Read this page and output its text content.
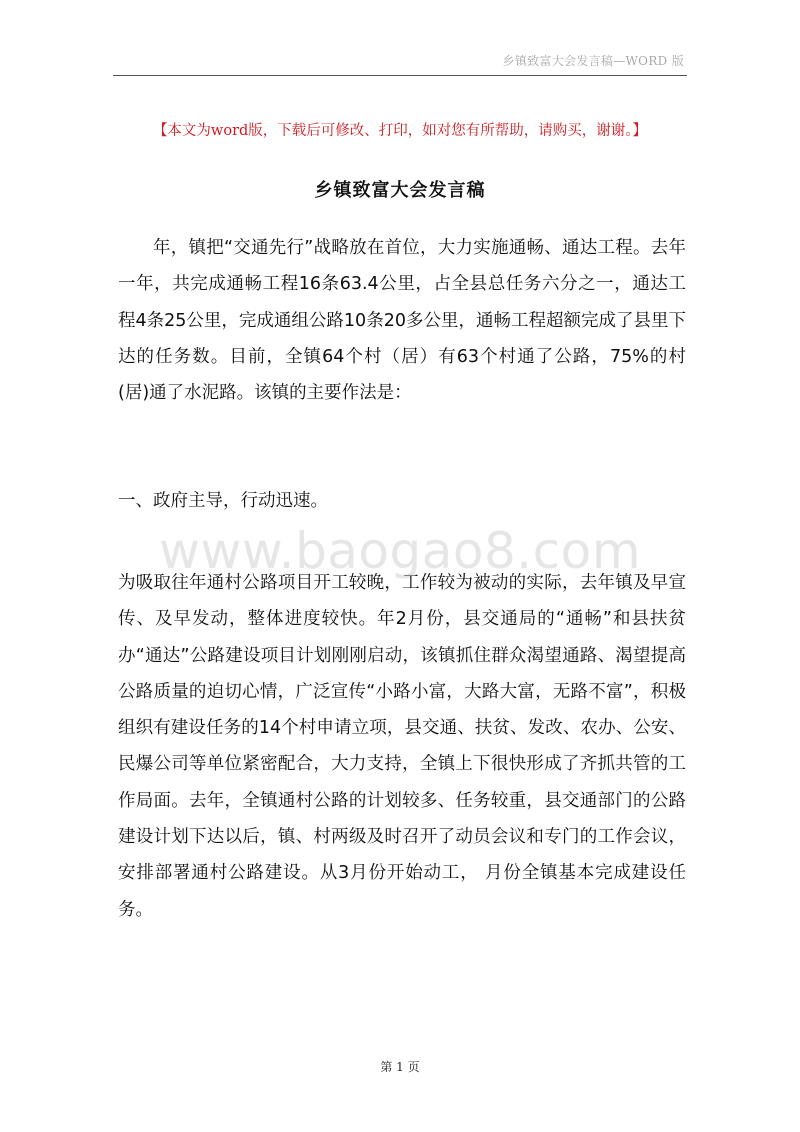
乡镇致富大会发言稿—WORD 版
【本文为word版，下载后可修改、打印，如对您有所帮助，请购买，谢谢。】
乡镇致富大会发言稿

年，镇把“交通先行”战略放在首位，大力实施通畅、通达工程。去年一年，共完成通畅工程16条63.4公里，占全县总任务六分之一，通达工程4条25公里，完成通组公路10条20多公里，通畅工程超额完成了县里下达的任务数。目前，全镇64个村（居）有63个村通了公路，75%的村(居)通了水泥路。该镇的主要作法是：

一、政府主导，行动迅速。

www.baogao8.com

为吸取往年通村公路项目开工较晚，工作较为被动的实际，去年镇及早宣传、及早发动，整体进度较快。年2月份，县交通局的“通畅”和县扶贫办“通达”公路建设项目计划刚刚启动，该镇抓住群众渴望通路、渴望提高公路质量的迫切心情，广泛宣传“小路小富，大路大富，无路不富”，积极组织有建设任务的14个村申请立项，县交通、扶贫、发改、农办、公安、民爆公司等单位紧密配合，大力支持，全镇上下很快形成了齐抓共管的工作局面。去年，全镇通村公路的计划较多、任务较重，县交通部门的公路建设计划下达以后，镇、村两级及时召开了动员会议和专门的工作会议，安排部署通村公路建设。从3月份开始动工， 月份全镇基本完成建设任务。

第 1 页
